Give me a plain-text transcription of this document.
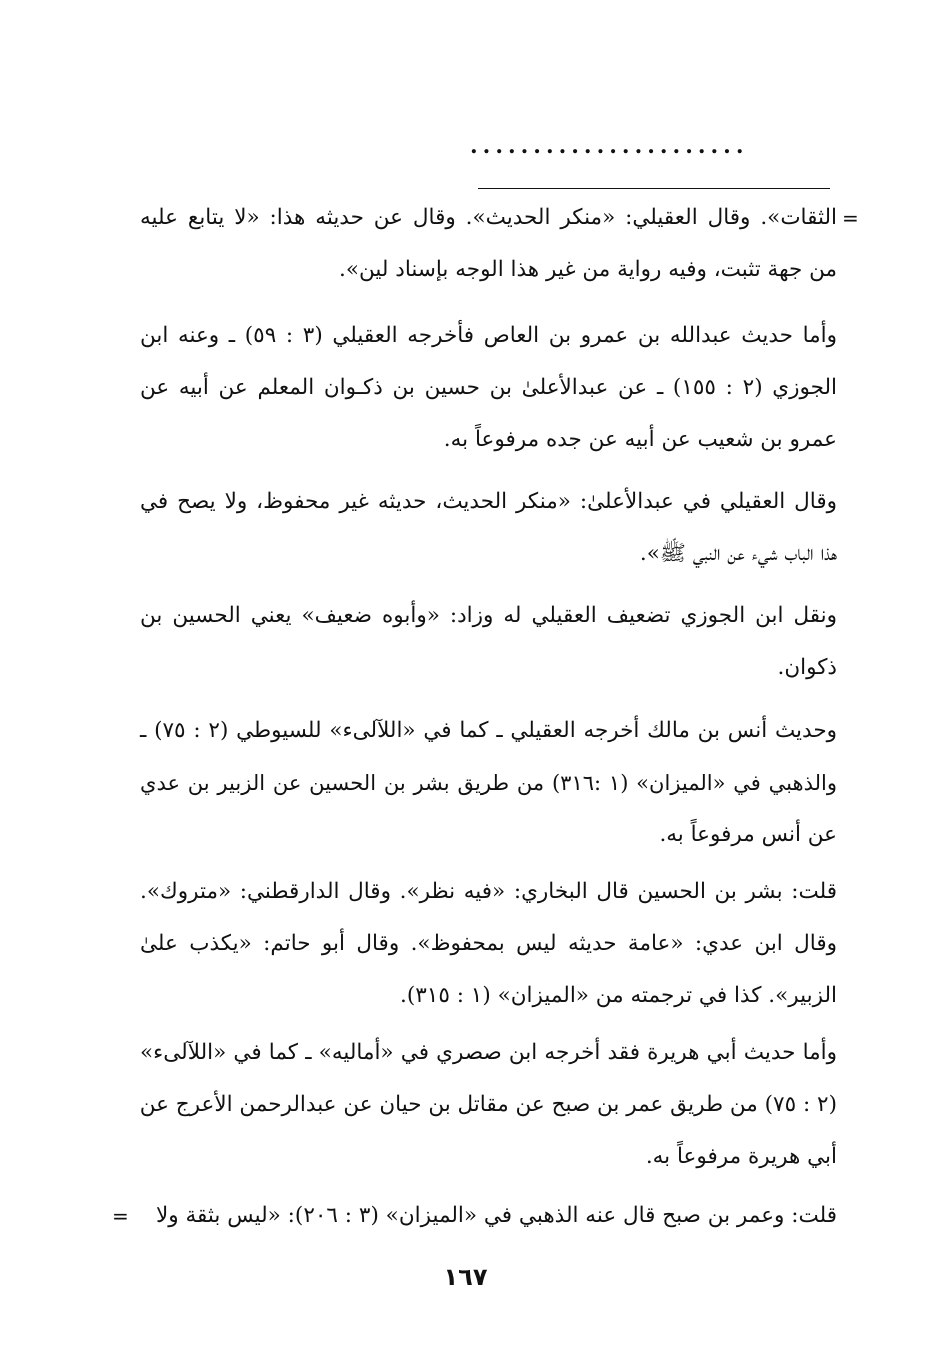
......................
=
الثقات». وقال العقيلي: «منكر الحديث». وقال عن حديثه هذا: «لا يتابع عليه
من جهة تثبت، وفيه رواية من غير هذا الوجه بإسناد لين».
وأما حديث عبدالله بن عمرو بن العاص فأخرجه العقيلي (٣ : ٥٩) ـ وعنه ابن
الجوزي (٢ : ١٥٥) ـ عن عبدالأعلىٰ بن حسين بن ذكـوان المعلم عن أبيه عن
عمرو بن شعيب عن أبيه عن جده مرفوعاً به.
وقال العقيلي في عبدالأعلىٰ: «منكر الحديث، حديثه غير محفوظ، ولا يصح في
هذا الباب شيء عن النبي ﷺ».
ونقل ابن الجوزي تضعيف العقيلي له وزاد: «وأبوه ضعيف» يعني الحسين بن
ذكوان.
وحديث أنس بن مالك أخرجه العقيلي ـ كما في «اللآلىء» للسيوطي (٢ : ٧٥) ـ
والذهبي في «الميزان» (١ :٣١٦) من طريق بشر بن الحسين عن الزبير بن عدي
عن أنس مرفوعاً به.
قلت: بشر بن الحسين قال البخاري: «فيه نظر». وقال الدارقطني: «متروك».
وقال ابن عدي: «عامة حديثه ليس بمحفوظ». وقال أبو حاتم: «يكذب علىٰ
الزبير». كذا في ترجمته من «الميزان» (١ : ٣١٥).
وأما حديث أبي هريرة فقد أخرجه ابن صصري في «أماليه» ـ كما في «اللآلىء»
(٢ : ٧٥) من طريق عمر بن صبح عن مقاتل بن حيان عن عبدالرحمن الأعرج عن
أبي هريرة مرفوعاً به.
قلت: وعمر بن صبح قال عنه الذهبي في «الميزان» (٣ : ٢٠٦): «ليس بثقة ولا
=
١٦٧
